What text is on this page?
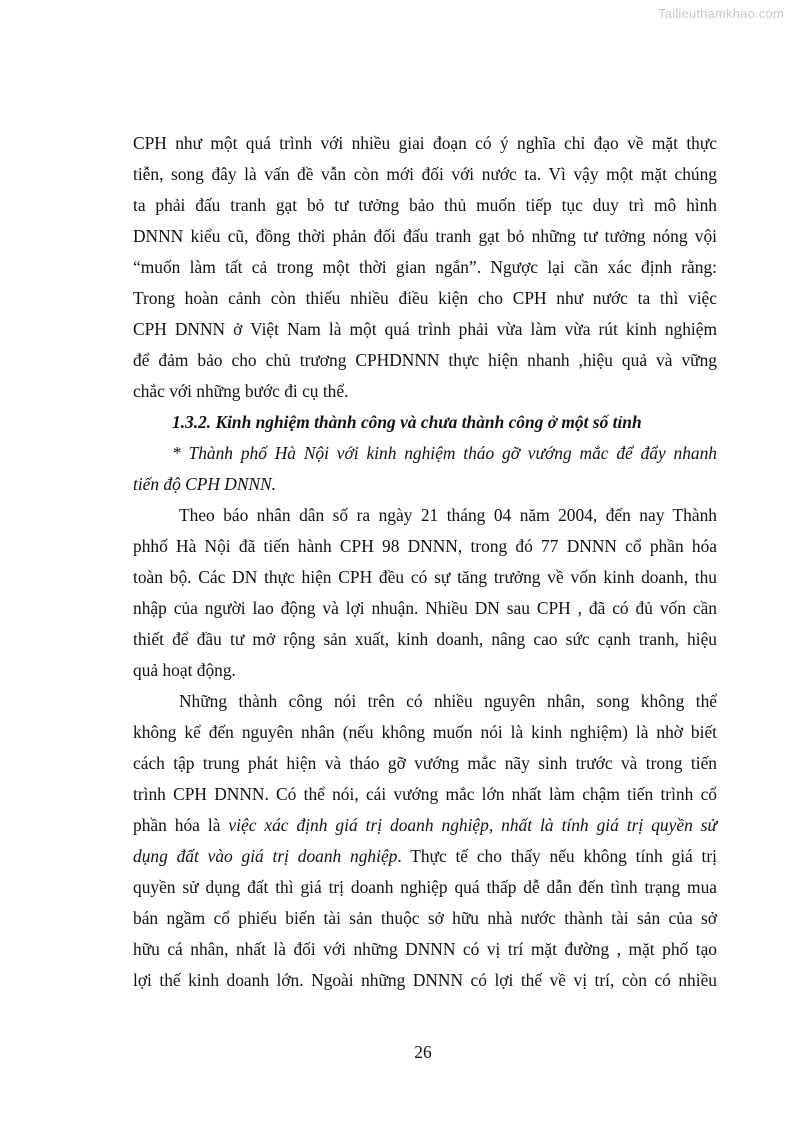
Tailieuthamkhao.com
CPH như một quá trình với nhiều giai đoạn có ý nghĩa chỉ đạo về mặt thực
tiễn, song đây là vấn đề vẫn còn mới đối với nước ta. Vì vậy một mặt chúng
ta phải đấu tranh gạt bỏ tư tưởng bảo thủ muốn tiếp tục duy trì mô hình
DNNN kiểu cũ, đồng thời phản đối đấu tranh gạt bỏ những tư tưởng nóng vội
“muốn làm tất cả trong một thời gian ngắn”. Ngược lại cần xác định rằng:
Trong hoàn cảnh còn thiếu nhiều điều kiện cho CPH như nước ta thì việc
CPH DNNN ở Việt Nam là một quá trình phải vừa làm vừa rút kinh nghiệm
để đảm bảo cho chủ trương CPHDNNN thực hiện nhanh ,hiệu quả và vững
chắc với những bước đi cụ thể.
1.3.2. Kinh nghiệm thành công và chưa thành công ở một số tỉnh
* Thành phố Hà Nội với kinh nghiệm tháo gỡ vướng mắc để đẩy nhanh
tiến độ CPH DNNN.
Theo báo nhân dân số ra ngày 21 tháng 04 năm 2004, đến nay Thành
phhố Hà Nội đã tiến hành CPH 98 DNNN, trong đó 77 DNNN cổ phần hóa
toàn bộ. Các DN thực hiện CPH đều có sự tăng trưởng về vốn kinh doanh, thu
nhập của người lao động và lợi nhuận. Nhiều DN sau CPH , đã có đủ vốn cần
thiết để đầu tư mở rộng sản xuất, kinh doanh, nâng cao sức cạnh tranh, hiệu
quả hoạt động.
Những thành công nói trên có nhiều nguyên nhân, song không thể
không kể đến nguyên nhân (nếu không muốn nói là kinh nghiệm) là nhờ biết
cách tập trung phát hiện và tháo gỡ vướng mắc nãy sinh trước và trong tiến
trình CPH DNNN. Có thể nói, cái vướng mắc lớn nhất làm chậm tiến trình cổ
phần hóa là việc xác định giá trị doanh nghiệp, nhất là tính giá trị quyền sử
dụng đất vào giá trị doanh nghiệp. Thực tế cho thấy nếu không tính giá trị
quyền sử dụng đất thì giá trị doanh nghiệp quá thấp dễ dẫn đến tình trạng mua
bán ngầm cổ phiếu biến tài sản thuộc sở hữu nhà nước thành tài sản của sở
hữu cá nhân, nhất là đối với những DNNN có vị trí mặt đường , mặt phố tạo
lợi thế kinh doanh lớn. Ngoài những DNNN có lợi thế về vị trí, còn có nhiều
26
